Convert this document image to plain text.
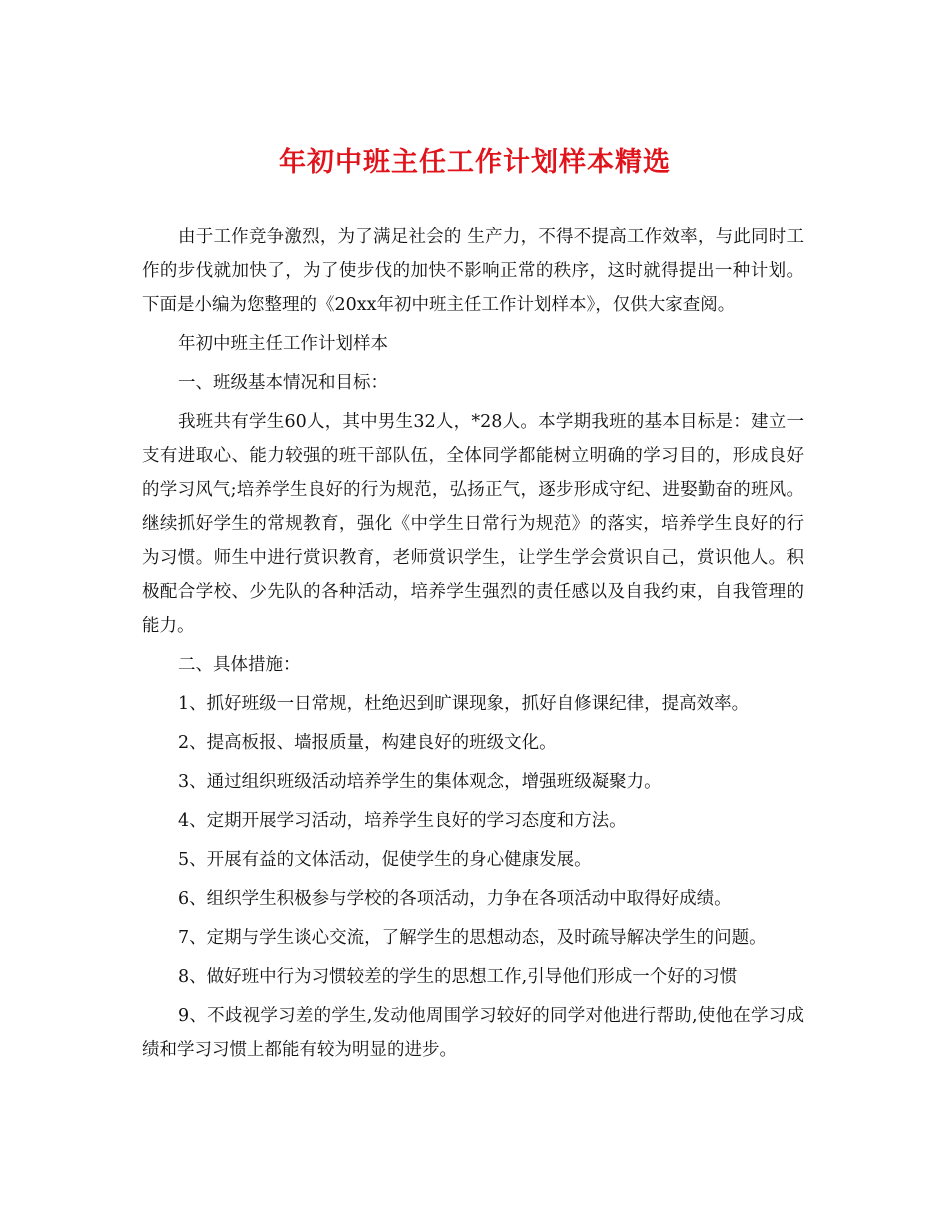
年初中班主任工作计划样本精选

由于工作竞争激烈，为了满足社会的 生产力，不得不提高工作效率，与此同时工作的步伐就加快了，为了使步伐的加快不影响正常的秩序，这时就得提出一种计划。下面是小编为您整理的《20xx年初中班主任工作计划样本》，仅供大家查阅。

年初中班主任工作计划样本

一、班级基本情况和目标：

我班共有学生60人，其中男生32人，*28人。本学期我班的基本目标是：建立一支有进取心、能力较强的班干部队伍，全体同学都能树立明确的学习目的，形成良好的学习风气;培养学生良好的行为规范，弘扬正气，逐步形成守纪、进娶勤奋的班风。继续抓好学生的常规教育，强化《中学生日常行为规范》的落实，培养学生良好的行为习惯。师生中进行赏识教育，老师赏识学生，让学生学会赏识自己，赏识他人。积极配合学校、少先队的各种活动，培养学生强烈的责任感以及自我约束，自我管理的能力。

二、具体措施：

1、抓好班级一日常规，杜绝迟到旷课现象，抓好自修课纪律，提高效率。

2、提高板报、墙报质量，构建良好的班级文化。

3、通过组织班级活动培养学生的集体观念，增强班级凝聚力。

4、定期开展学习活动，培养学生良好的学习态度和方法。

5、开展有益的文体活动，促使学生的身心健康发展。

6、组织学生积极参与学校的各项活动，力争在各项活动中取得好成绩。

7、定期与学生谈心交流，了解学生的思想动态，及时疏导解决学生的问题。

8、做好班中行为习惯较差的学生的思想工作,引导他们形成一个好的习惯

9、不歧视学习差的学生,发动他周围学习较好的同学对他进行帮助,使他在学习成绩和学习习惯上都能有较为明显的进步。
